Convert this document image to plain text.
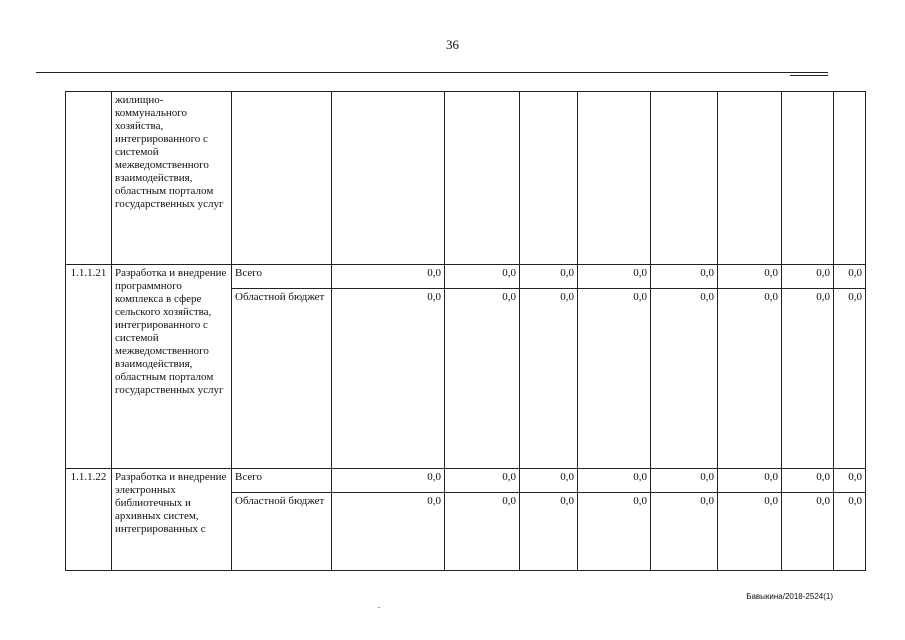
36
	жилищно-коммунального хозяйства, интегрированного с системой межведомственного взаимодействия, областным порталом государственных услуг									
1.1.1.21	Разработка и внедрение программного комплекса в сфере сельского хозяйства, интегрированного с системой межведомственного взаимодействия, областным порталом государственных услуг	Всего	0,0	0,0	0,0	0,0	0,0	0,0	0,0	0,0
		Областной бюджет	0,0	0,0	0,0	0,0	0,0	0,0	0,0	0,0
1.1.1.22	Разработка и внедрение электронных библиотечных и архивных систем, интегрированных с	Всего	0,0	0,0	0,0	0,0	0,0	0,0	0,0	0,0
		Областной бюджет	0,0	0,0	0,0	0,0	0,0	0,0	0,0	0,0
Бавыкина/2018-2524(1)
